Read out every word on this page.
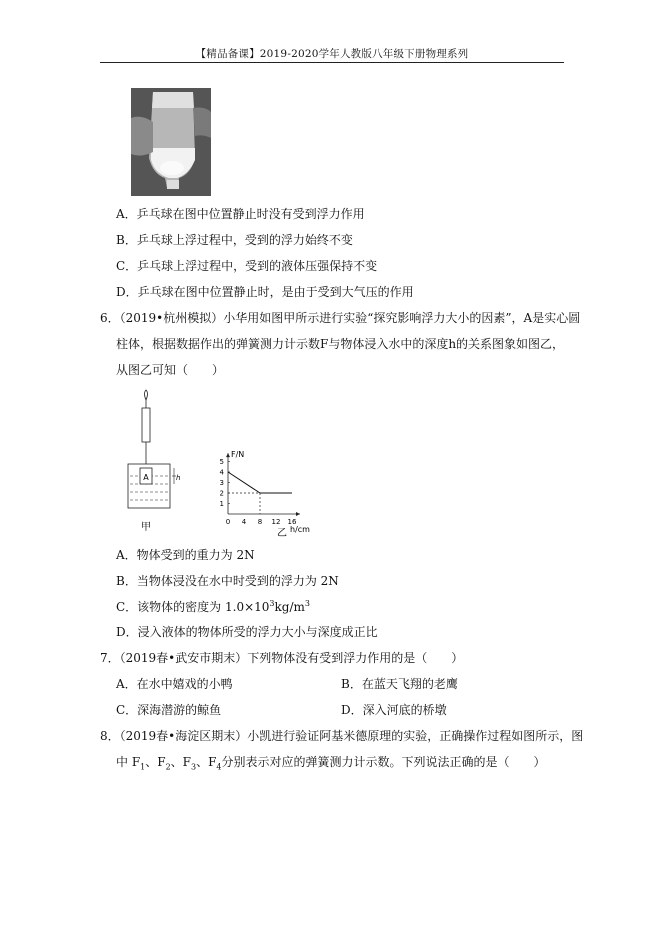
【精品备课】2019-2020学年人教版八年级下册物理系列
A．乒乓球在图中位置静止时没有受到浮力作用
B．乒乓球上浮过程中，受到的浮力始终不变
C．乒乓球上浮过程中，受到的液体压强保持不变
D．乒乓球在图中位置静止时，是由于受到大气压的作用
6．（2019•杭州模拟）小华用如图甲所示进行实验“探究影响浮力大小的因素”，A是实心圆
柱体，根据数据作出的弹簧测力计示数F与物体浸入水中的深度h的关系图象如图乙，
从图乙可知（　　）
A	h
甲
F/N
h/cm
0 4 8 12 16
1
2
3
4
5
乙
A．物体受到的重力为 2N
B．当物体浸没在水中时受到的浮力为 2N
C．该物体的密度为 $1.0\times 10^3kg/m^3$
D．浸入液体的物体所受的浮力大小与深度成正比
7．（2019春•武安市期末）下列物体没有受到浮力作用的是（　　）
A．在水中嬉戏的小鸭	B．在蓝天飞翔的老鹰
C．深海潜游的鲸鱼	D．深入河底的桥墩
8．（2019春•海淀区期末）小凯进行验证阿基米德原理的实验，正确操作过程如图所示，图
中 $F_1$、$F_2$、$F_3$、$F_4$分别表示对应的弹簧测力计示数。下列说法正确的是（　　）
